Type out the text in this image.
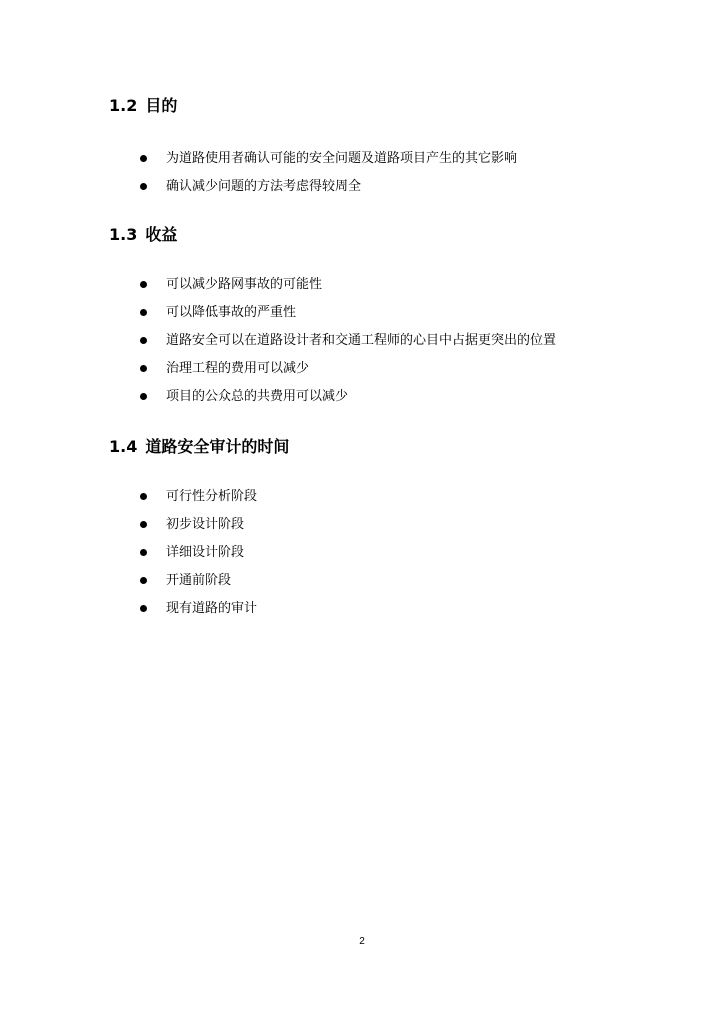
1.2 目的
为道路使用者确认可能的安全问题及道路项目产生的其它影响
确认减少问题的方法考虑得较周全
1.3 收益
可以减少路网事故的可能性
可以降低事故的严重性
道路安全可以在道路设计者和交通工程师的心目中占据更突出的位置
治理工程的费用可以减少
项目的公众总的共费用可以减少
1.4 道路安全审计的时间
可行性分析阶段
初步设计阶段
详细设计阶段
开通前阶段
现有道路的审计
2
